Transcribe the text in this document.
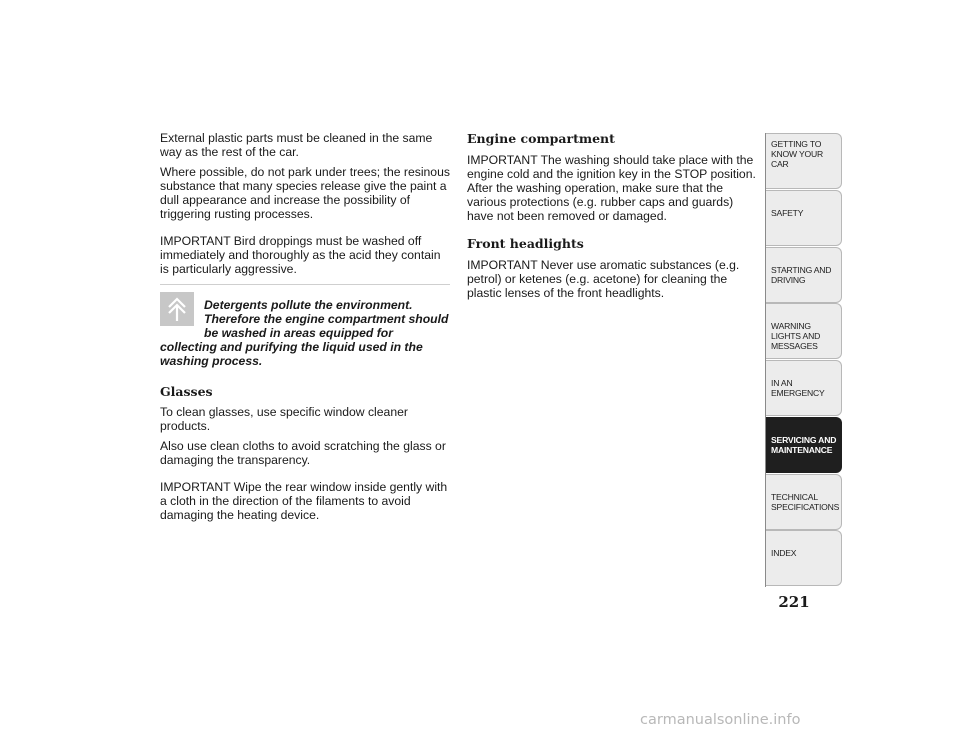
External plastic parts must be cleaned in the same way as the rest of the car.

Where possible, do not park under trees; the resinous substance that many species release give the paint a dull appearance and increase the possibility of triggering rusting processes.

IMPORTANT Bird droppings must be washed off immediately and thoroughly as the acid they contain is particularly aggressive.

Detergents pollute the environment. Therefore the engine compartment should be washed in areas equipped for
collecting and purifying the liquid used in the washing process.

Glasses

To clean glasses, use specific window cleaner products.

Also use clean cloths to avoid scratching the glass or damaging the transparency.

IMPORTANT Wipe the rear window inside gently with a cloth in the direction of the filaments to avoid damaging the heating device.

Engine compartment

IMPORTANT The washing should take place with the engine cold and the ignition key in the STOP position. After the washing operation, make sure that the various protections (e.g. rubber caps and guards) have not been removed or damaged.

Front headlights

IMPORTANT Never use aromatic substances (e.g. petrol) or ketenes (e.g. acetone) for cleaning the plastic lenses of the front headlights.

GETTING TO KNOW YOUR CAR
SAFETY
STARTING AND DRIVING
WARNING LIGHTS AND MESSAGES
IN AN EMERGENCY
SERVICING AND MAINTENANCE
TECHNICAL SPECIFICATIONS
INDEX
221
carmanualsonline.info
